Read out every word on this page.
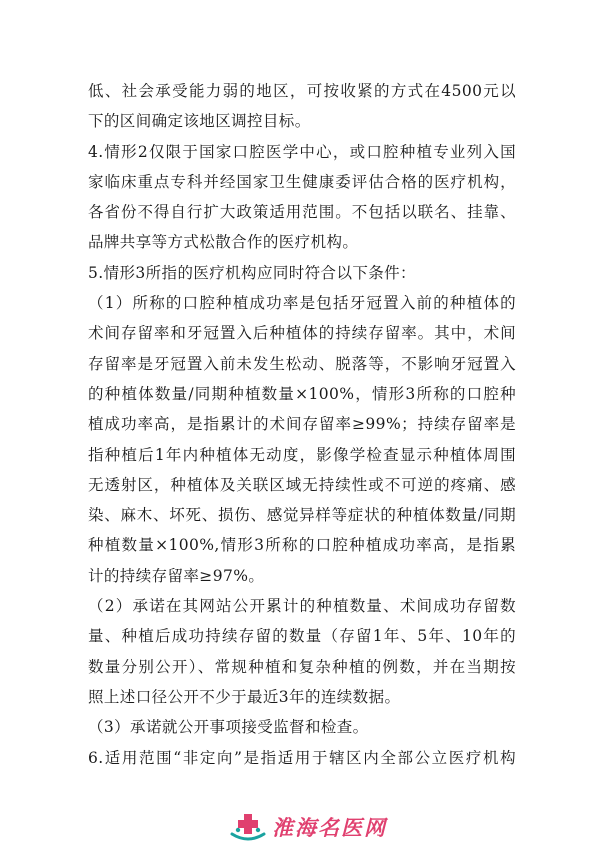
低、社会承受能力弱的地区，可按收紧的方式在4500元以
下的区间确定该地区调控目标。
4.情形2仅限于国家口腔医学中心，或口腔种植专业列入国
家临床重点专科并经国家卫生健康委评估合格的医疗机构，
各省份不得自行扩大政策适用范围。不包括以联名、挂靠、
品牌共享等方式松散合作的医疗机构。
5.情形3所指的医疗机构应同时符合以下条件：
（1）所称的口腔种植成功率是包括牙冠置入前的种植体的
术间存留率和牙冠置入后种植体的持续存留率。其中，术间
存留率是牙冠置入前未发生松动、脱落等，不影响牙冠置入
的种植体数量/同期种植数量×100%，情形3所称的口腔种
植成功率高，是指累计的术间存留率≥99%；持续存留率是
指种植后1年内种植体无动度，影像学检查显示种植体周围
无透射区，种植体及关联区域无持续性或不可逆的疼痛、感
染、麻木、坏死、损伤、感觉异样等症状的种植体数量/同期
种植数量×100%,情形3所称的口腔种植成功率高，是指累
计的持续存留率≥97%。
（2）承诺在其网站公开累计的种植数量、术间成功存留数
量、种植后成功持续存留的数量（存留1年、5年、10年的
数量分别公开）、常规种植和复杂种植的例数，并在当期按
照上述口径公开不少于最近3年的连续数据。
（3）承诺就公开事项接受监督和检查。
6.适用范围“非定向”是指适用于辖区内全部公立医疗机构
淮海名医网
